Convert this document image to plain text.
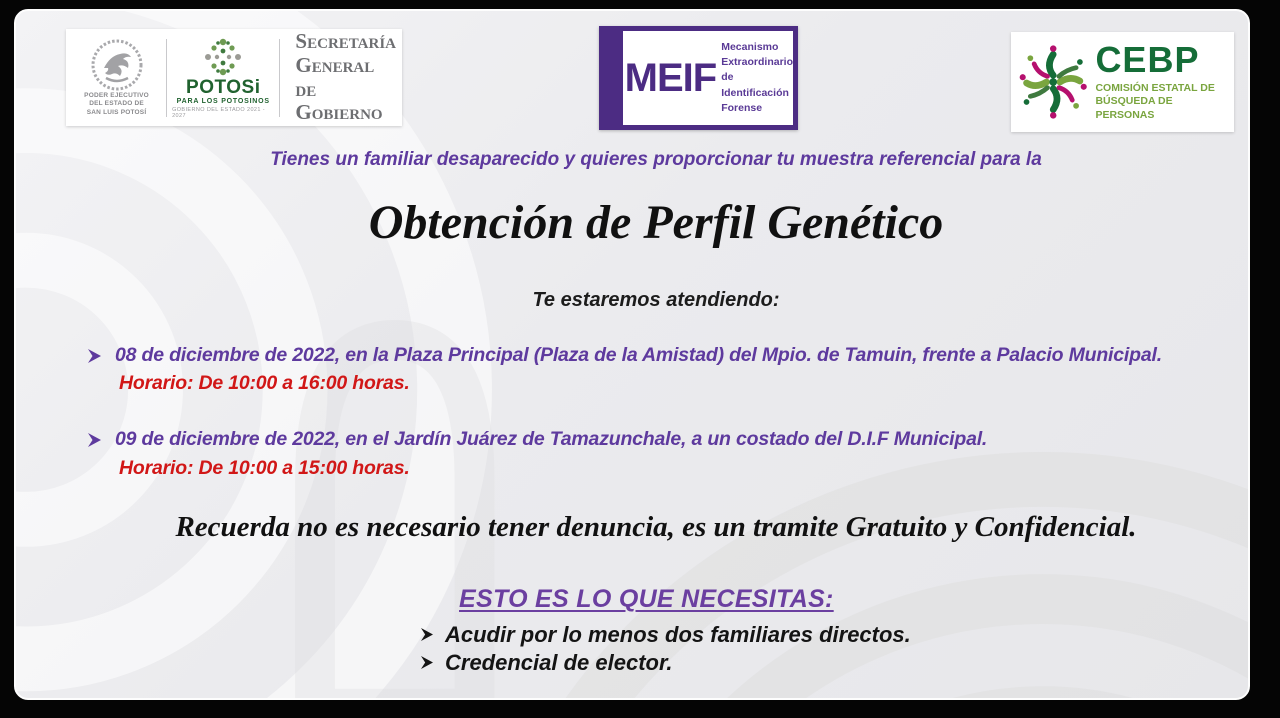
PODER EJECUTIVO
DEL ESTADO DE
SAN LUIS POTOSÍ
POTOSi
PARA LOS POTOSINOS
GOBIERNO DEL ESTADO 2021 - 2027
Secretaría
General
de Gobierno
MEIF
Mecanismo
Extraordinario de
Identificación
Forense
CEBP
COMISIÓN ESTATAL DE
BÚSQUEDA DE PERSONAS
Tienes un familiar desaparecido y quieres proporcionar tu muestra referencial para la
Obtención de Perfil Genético
Te estaremos atendiendo:
08 de diciembre de 2022, en la Plaza Principal (Plaza de la Amistad) del Mpio. de Tamuin, frente a Palacio Municipal.
Horario: De 10:00 a 16:00 horas.
09 de diciembre de 2022, en el Jardín Juárez de Tamazunchale, a un costado del D.I.F Municipal.
Horario: De 10:00 a 15:00 horas.
Recuerda no es necesario tener denuncia, es un tramite Gratuito y Confidencial.
ESTO ES LO QUE NECESITAS:
Acudir por lo menos dos familiares directos.
Credencial de elector.
